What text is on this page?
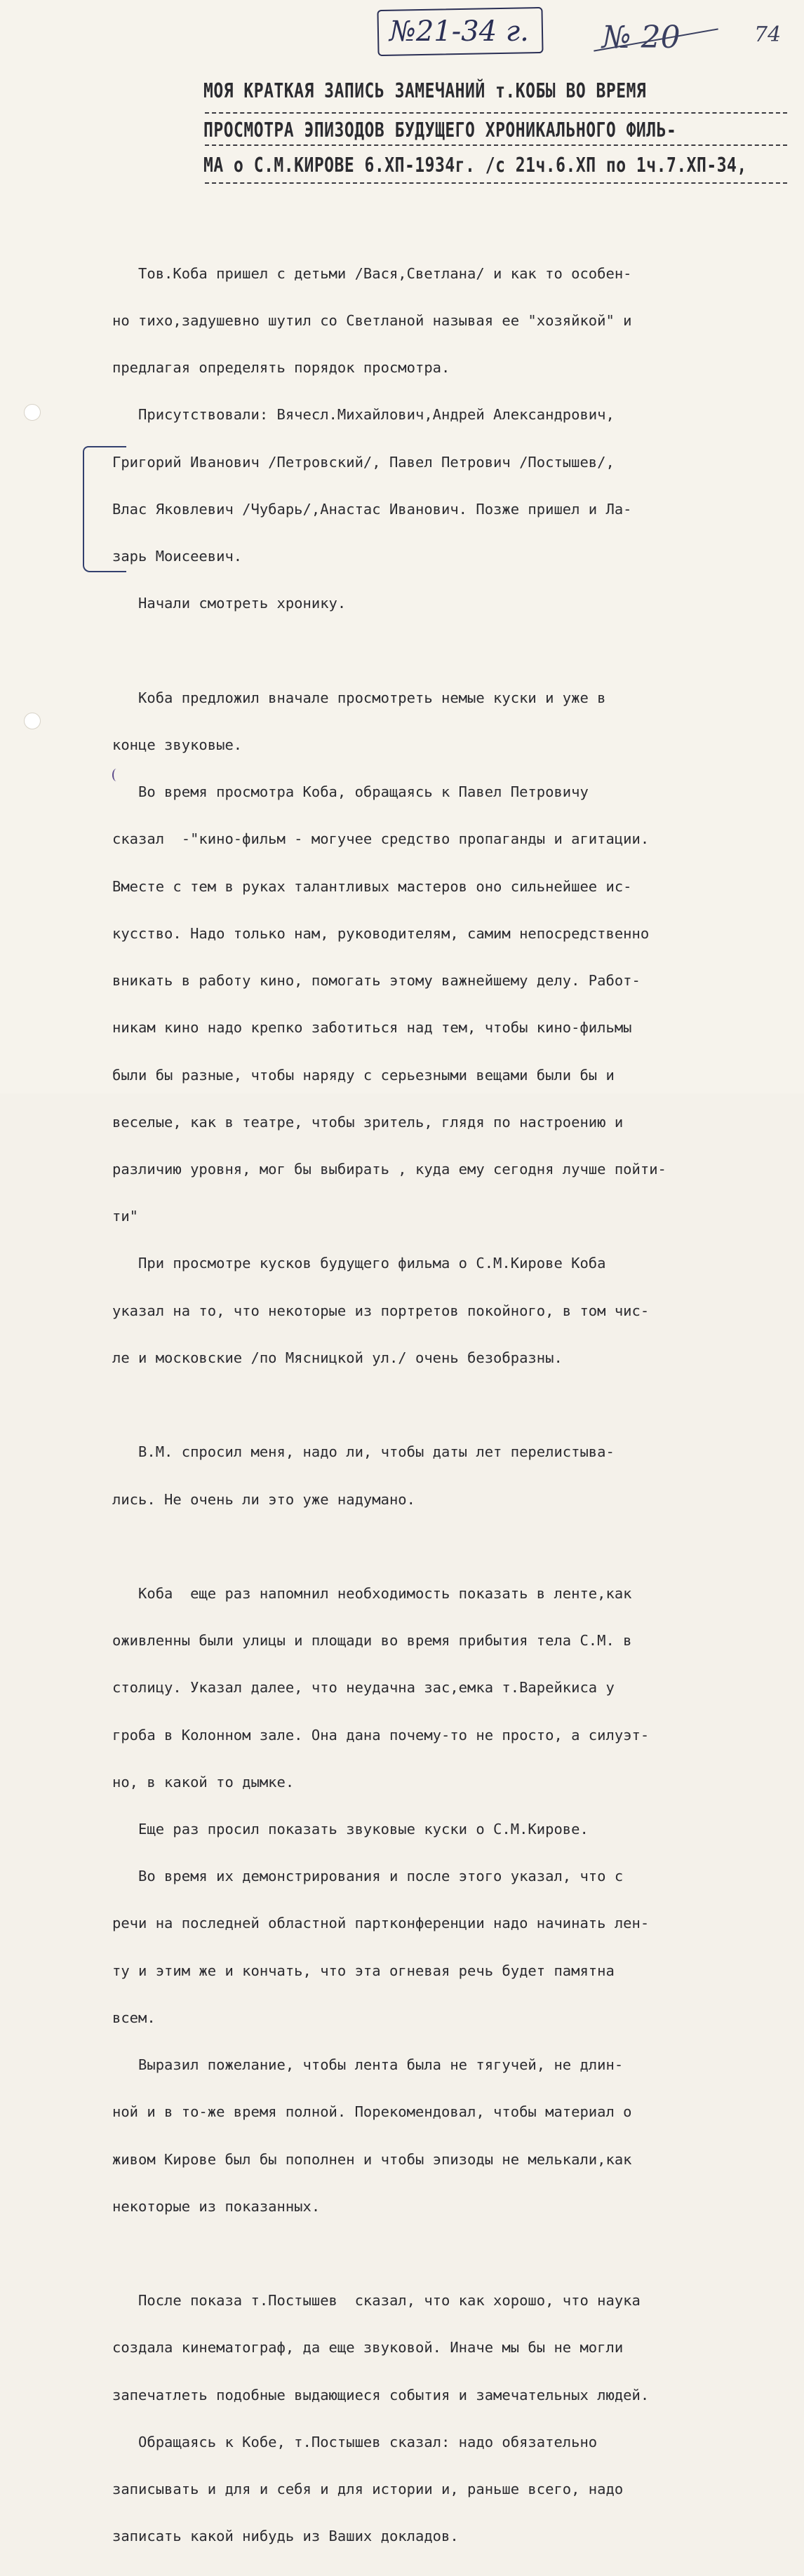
№21-34 г. № 20	74
МОЯ КРАТКАЯ ЗАПИСЬ ЗАМЕЧАНИЙ т.КОБЫ ВО ВРЕМЯ
ПРОСМОТРА ЭПИЗОДОВ БУДУЩЕГО ХРОНИКАЛЬНОГО ФИЛЬ-
МА о С.М.КИРОВЕ 6.ХП-1934г. /с 21ч.6.ХП по 1ч.7.ХП-34,

Тов.Коба пришел с детьми /Вася,Светлана/ и как то особен-

но тихо,задушевно шутил со Светланой называя ее "хозяйкой" и

предлагая определять порядок просмотра.

Присутствовали: Вячесл.Михайлович,Андрей Александрович,

Григорий Иванович /Петровский/, Павел Петрович /Постышев/,

Влас Яковлевич /Чубарь/,Анастас Иванович. Позже пришел и Ла-

зарь Моисеевич.

Начали смотреть хронику.

Коба предложил вначале просмотреть немые куски и уже в

конце звуковые.

Во время просмотра Коба, обращаясь к Павел Петровичу

сказал  -"кино-фильм - могучее средство пропаганды и агитации.

Вместе с тем в руках талантливых мастеров оно сильнейшее ис-

кусство. Надо только нам, руководителям, самим непосредственно

вникать в работу кино, помогать этому важнейшему делу. Работ-

никам кино надо крепко заботиться над тем, чтобы кино-фильмы

были бы разные, чтобы наряду с серьезными вещами были бы и

веселые, как в театре, чтобы зритель, глядя по настроению и

различию уровня, мог бы выбирать , куда ему сегодня лучше пойти-

ти"

При просмотре кусков будущего фильма о С.М.Кирове Коба

указал на то, что некоторые из портретов покойного, в том чис-

ле и московские /по Мясницкой ул./ очень безобразны.

В.М. спросил меня, надо ли, чтобы даты лет перелистыва-

лись. Не очень ли это уже надумано.

Коба  еще раз напомнил необходимость показать в ленте,как

оживленны были улицы и площади во время прибытия тела С.М. в

столицу. Указал далее, что неудачна зас,емка т.Варейкиса у

гроба в Колонном зале. Она дана почему-то не просто, а силуэт-

но, в какой то дымке.

Еще раз просил показать звуковые куски о С.М.Кирове.

Во время их демонстрирования и после этого указал, что с

речи на последней областной партконференции надо начинать лен-

ту и этим же и кончать, что эта огневая речь будет памятна

всем.

Выразил пожелание, чтобы лента была не тягучей, не длин-

ной и в то-же время полной. Порекомендовал, чтобы материал о

живом Кирове был бы пополнен и чтобы эпизоды не мелькали,как

некоторые из показанных.

После показа т.Постышев  сказал, что как хорошо, что наука

создала кинематограф, да еще звуковой. Иначе мы бы не могли

запечатлеть подобные выдающиеся события и замечательных людей.

Обращаясь к Кобе, т.Постышев сказал: надо обязательно

записывать и для и себя и для истории и, раньше всего, надо

записать какой нибудь из Ваших докладов.
